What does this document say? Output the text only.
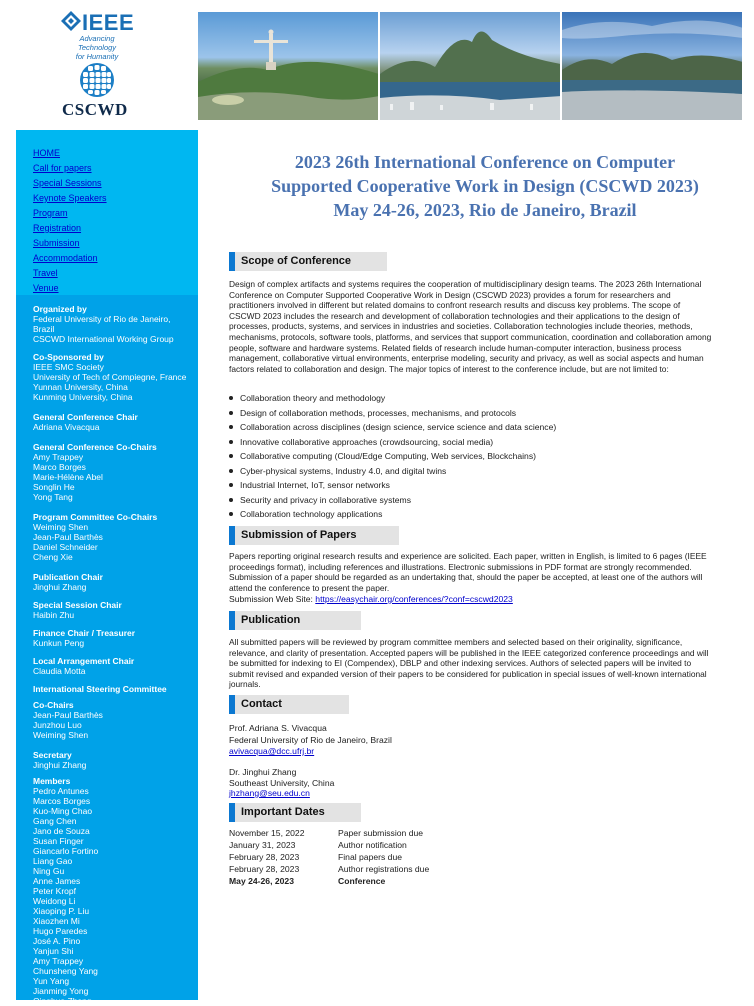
IEEE
Advancing Technology
for Humanity
CSCWD
HOME
Call for papers
Special Sessions
Keynote Speakers
Program
Registration
Submission
Accommodation
Travel
Venue
Organized by
Federal University of Rio de Janeiro,
Brazil
CSCWD International Working Group
Co-Sponsored by
IEEE SMC Society
University of Tech of Compiegne, France
Yunnan University, China
Kunming University, China
General Conference Chair
Adriana Vivacqua
General Conference Co-Chairs
Amy Trappey
Marco Borges
Marie-Hélène Abel
Songlin He
Yong Tang
Program Committee Co-Chairs
Weiming Shen
Jean-Paul Barthès
Daniel Schneider
Cheng Xie
Publication Chair
Jinghui Zhang
Special Session Chair
Haibin Zhu
Finance Chair / Treasurer
Kunkun Peng
Local Arrangement Chair
Claudia Motta
International Steering Committee
Co-Chairs
Jean-Paul Barthès
Junzhou Luo
Weiming Shen
Secretary
Jinghui Zhang
Members
Pedro Antunes
Marcos Borges
Kuo-Ming Chao
Gang Chen
Jano de Souza
Susan Finger
Giancarlo Fortino
Liang Gao
Ning Gu
Anne James
Peter Kropf
Weidong Li
Xiaoping P. Liu
Xiaozhen Mi
Hugo Paredes
José A. Pino
Yanjun Shi
Amy Trappey
Chunsheng Yang
Yun Yang
Jianming Yong
Qinghua Zheng
2023 26th International Conference on Computer
Supported Cooperative Work in Design (CSCWD 2023)
May 24-26, 2023, Rio de Janeiro, Brazil
Scope of Conference
Design of complex artifacts and systems requires the cooperation of multidisciplinary design teams. The 2023 26th International Conference on Computer Supported Cooperative Work in Design (CSCWD 2023) provides a forum for researchers and practitioners involved in different but related domains to confront research results and discuss key problems. The scope of CSCWD 2023 includes the research and development of collaboration technologies and their applications to the design of processes, products, systems, and services in industries and societies. Collaboration technologies include theories, methods, mechanisms, protocols, software tools, platforms, and services that support communication, coordination and collaboration among people, software and hardware systems. Related fields of research include human-computer interaction, business process management, collaborative virtual environments, enterprise modeling, security and privacy, as well as social aspects and human factors related to collaboration and design. The major topics of interest to the conference include, but are not limited to:
Collaboration theory and methodology
Design of collaboration methods, processes, mechanisms, and protocols
Collaboration across disciplines (design science, service science and data science)
Innovative collaborative approaches (crowdsourcing, social media)
Collaborative computing (Cloud/Edge Computing, Web services, Blockchains)
Cyber-physical systems, Industry 4.0, and digital twins
Industrial Internet, IoT, sensor networks
Security and privacy in collaborative systems
Collaboration technology applications
Submission of Papers
Papers reporting original research results and experience are solicited. Each paper, written in English, is limited to 6 pages (IEEE proceedings format), including references and illustrations. Electronic submissions in PDF format are strongly recommended. Submission of a paper should be regarded as an undertaking that, should the paper be accepted, at least one of the authors will attend the conference to present the paper.
Submission Web Site: https://easychair.org/conferences/?conf=cscwd2023
Publication
All submitted papers will be reviewed by program committee members and selected based on their originality, significance, relevance, and clarity of presentation. Accepted papers will be published in the IEEE categorized conference proceedings and will be submitted for indexing to EI (Compendex), DBLP and other indexing services. Authors of selected papers will be invited to submit revised and expanded version of their papers to be considered for publication in special issues of well-known international journals.
Contact
Prof. Adriana S. Vivacqua
Federal University of Rio de Janeiro, Brazil
avivacqua@dcc.ufrj.br
Dr. Jinghui Zhang
Southeast University, China
jhzhang@seu.edu.cn
Important Dates
November 15, 2022	Paper submission due
January 31, 2023	Author notification
February 28, 2023	Final papers due
February 28, 2023	Author registrations due
May 24-26, 2023	Conference
